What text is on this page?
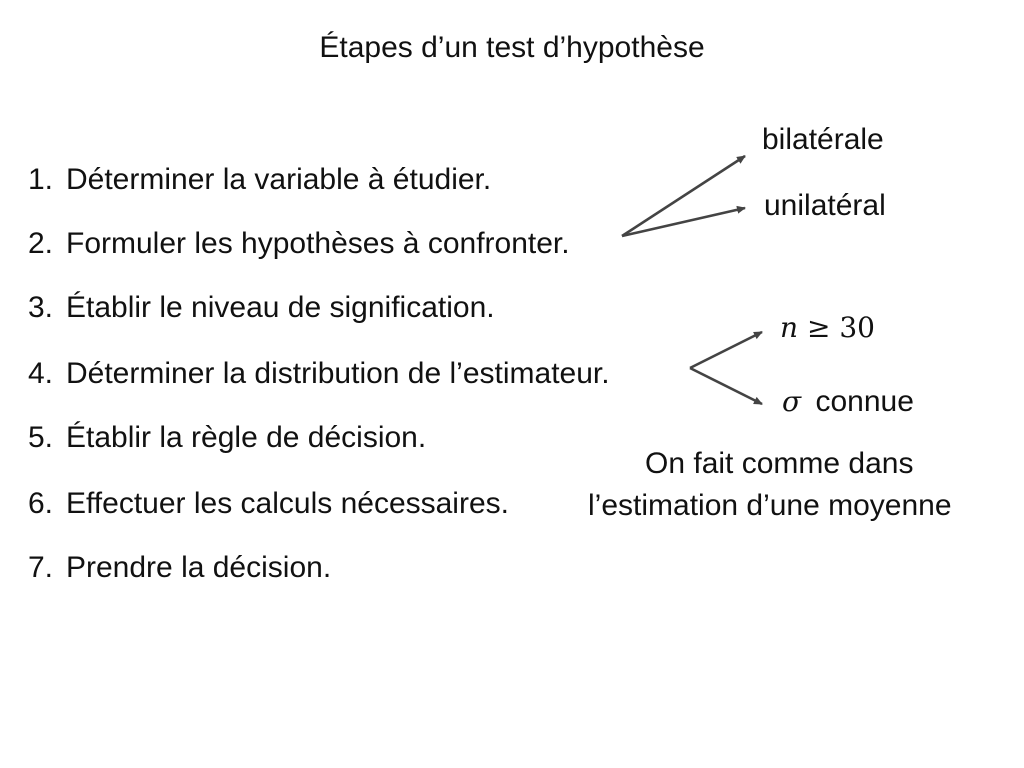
Étapes d’un test d’hypothèse
1. Déterminer la variable à étudier.
2. Formuler les hypothèses à confronter.
3. Établir le niveau de signification.
4. Déterminer la distribution de l’estimateur.
5. Établir la règle de décision.
6. Effectuer les calculs nécessaires.
7. Prendre la décision.
bilatérale
unilatéral
n ≥ 30
σ connue
On fait comme dans
l’estimation d’une moyenne
